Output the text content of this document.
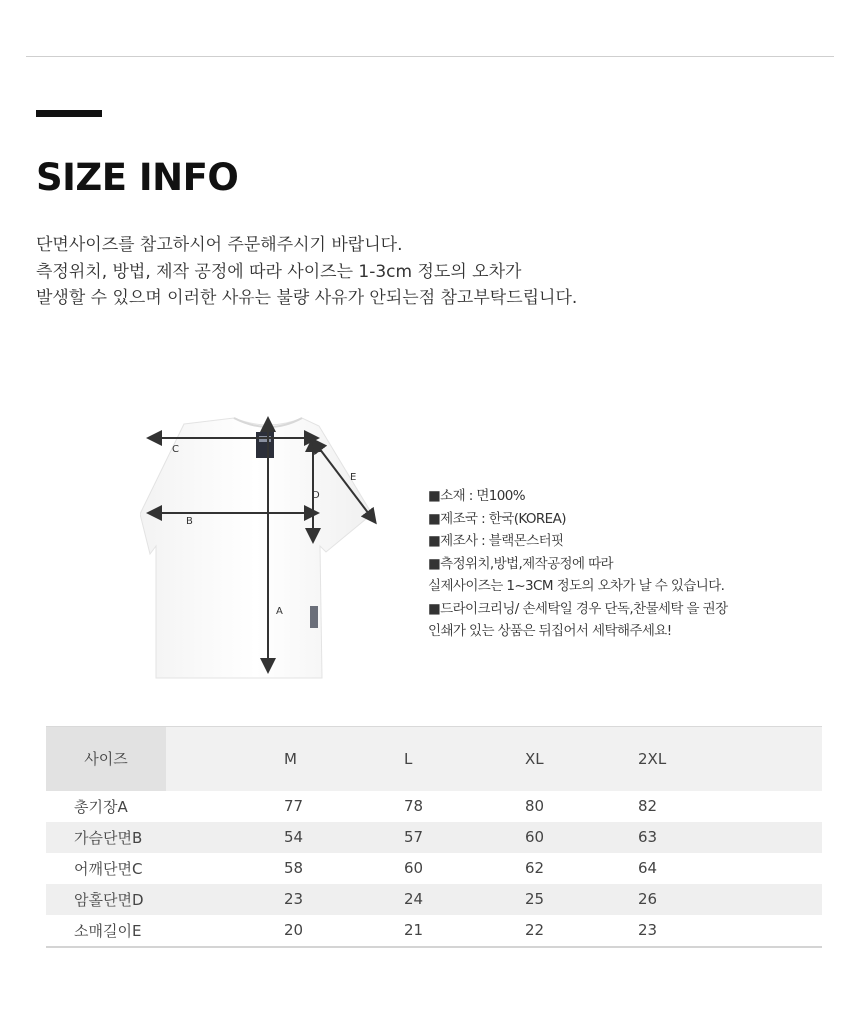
SIZE INFO
단면사이즈를 참고하시어 주문해주시기 바랍니다.
측정위치, 방법, 제작 공정에 따라 사이즈는 1-3cm 정도의 오차가
발생할 수 있으며 이러한 사유는 불량 사유가 안되는점 참고부탁드립니다.
C
B
D
E
A
■소재 : 면100%
■제조국 : 한국(KOREA)
■제조사 : 블랙몬스터핏
■측정위치,방법,제작공정에 따라
실제사이즈는 1~3CM 정도의 오차가 날 수 있습니다.
■드라이크리닝/ 손세탁일 경우 단독,찬물세탁 을 권장
인쇄가 있는 상품은 뒤집어서 세탁해주세요!
사이즈	M	L	XL	2XL
총기장A	77	78	80	82
가슴단면B	54	57	60	63
어깨단면C	58	60	62	64
암홀단면D	23	24	25	26
소매길이E	20	21	22	23
